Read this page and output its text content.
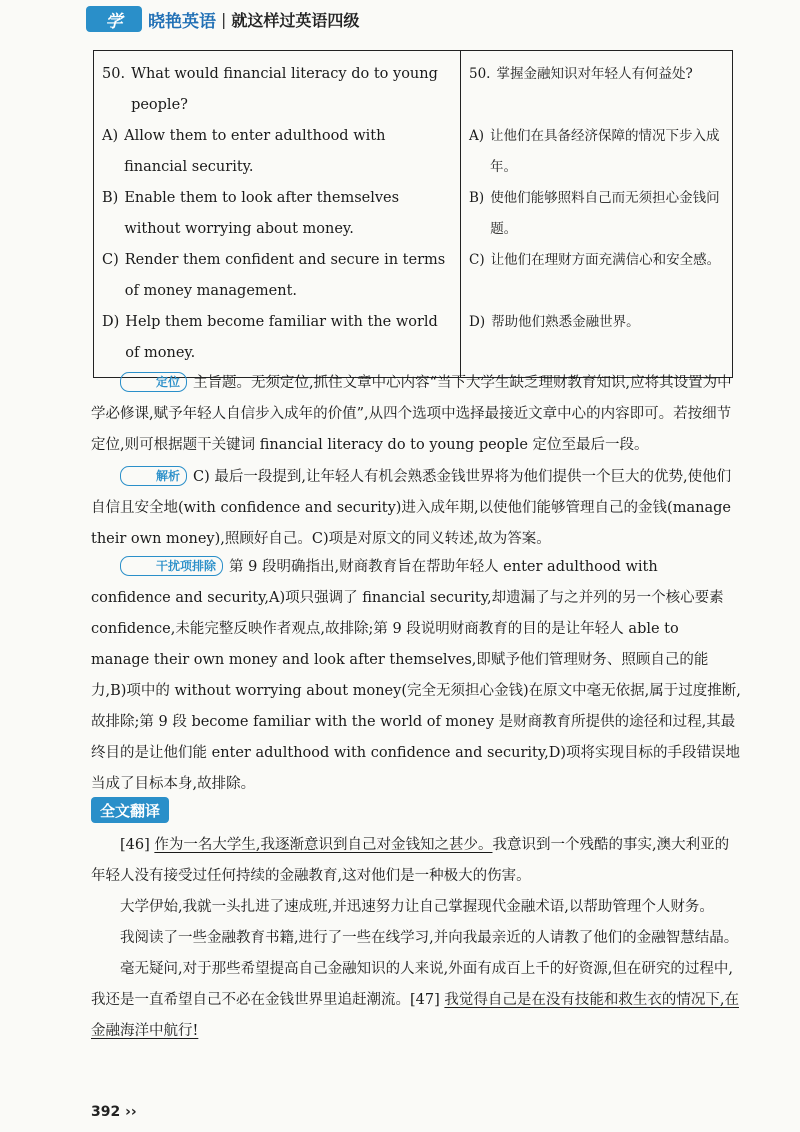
学	晓艳英语 | 就这样过英语四级
50. What would financial literacy do to young people?
A) Allow them to enter adulthood with financial security.
B) Enable them to look after themselves without worrying about money.
C) Render them confident and secure in terms of money management.
D) Help them become familiar with the world of money.

50. 掌握金融知识对年轻人有何益处?
A) 让他们在具备经济保障的情况下步入成年。
B) 使他们能够照料自己而无须担心金钱问题。
C) 让他们在理财方面充满信心和安全感。
D) 帮助他们熟悉金融世界。
定位 主旨题。无须定位,抓住文章中心内容“当下大学生缺乏理财教育知识,应将其设置为中学必修课,赋予年轻人自信步入成年的价值”,从四个选项中选择最接近文章中心的内容即可。若按细节定位,则可根据题干关键词 financial literacy do to young people 定位至最后一段。
解析 C) 最后一段提到,让年轻人有机会熟悉金钱世界将为他们提供一个巨大的优势,使他们自信且安全地(with confidence and security)进入成年期,以使他们能够管理自己的金钱(manage their own money),照顾好自己。C)项是对原文的同义转述,故为答案。
干扰项排除 第 9 段明确指出,财商教育旨在帮助年轻人 enter adulthood with confidence and security,A)项只强调了 financial security,却遗漏了与之并列的另一个核心要素 confidence,未能完整反映作者观点,故排除;第 9 段说明财商教育的目的是让年轻人 able to manage their own money and look after themselves,即赋予他们管理财务、照顾自己的能力,B)项中的 without worrying about money(完全无须担心金钱)在原文中毫无依据,属于过度推断,故排除;第 9 段 become familiar with the world of money 是财商教育所提供的途径和过程,其最终目的是让他们能 enter adulthood with confidence and security,D)项将实现目标的手段错误地当成了目标本身,故排除。
全文翻译
[46] 作为一名大学生,我逐渐意识到自己对金钱知之甚少。我意识到一个残酷的事实,澳大利亚的年轻人没有接受过任何持续的金融教育,这对他们是一种极大的伤害。
大学伊始,我就一头扎进了速成班,并迅速努力让自己掌握现代金融术语,以帮助管理个人财务。
我阅读了一些金融教育书籍,进行了一些在线学习,并向我最亲近的人请教了他们的金融智慧结晶。
毫无疑问,对于那些希望提高自己金融知识的人来说,外面有成百上千的好资源,但在研究的过程中,我还是一直希望自己不必在金钱世界里追赶潮流。[47] 我觉得自己是在没有技能和救生衣的情况下,在金融海洋中航行!
392 ››
